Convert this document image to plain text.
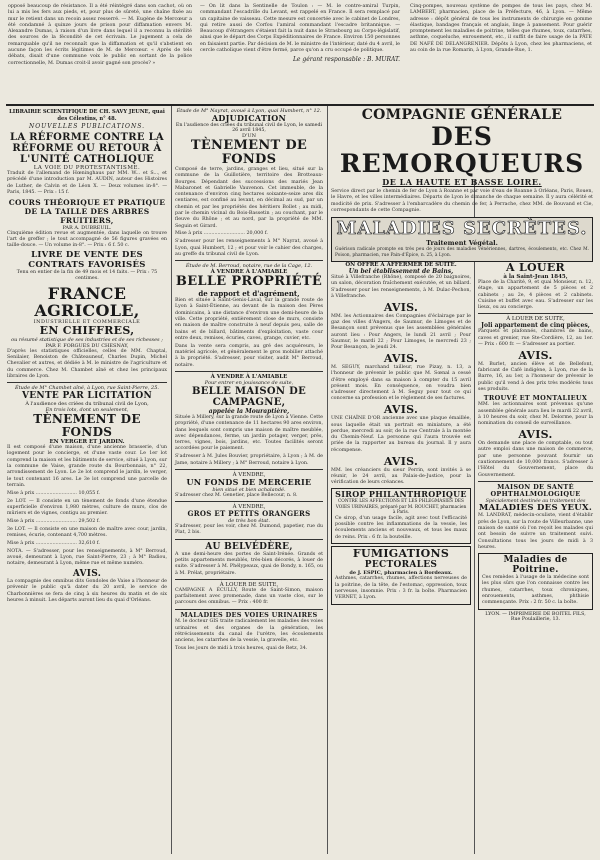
opposé beaucoup de résistance. Il a été réintégré dans son cachot, où on lui a mis les fers aux pieds, et, pour plus de sûreté, une chaîne fixée au mur le retient dans un recoin assez resserré. — M. Eugène de Mercœur a été condamné à quinze jours de prison pour diffamation envers M. Alexandre Dumas, à raison d'un livre dans lequel il a reconnu la stérilité des sources de la fécondité de cet écrivain. Le jugement a cela de remarquable qu'il ne reconnaît que la diffamation et qu'il s'abstient en aucune façon les écrits légitimes de M. de Mercœur. « Après de tels débats, disait d'une commune voix le public en sortant de la police correctionnelle, M. Dumas croit-il avoir gagné son procès? »

— On lit dans la Sentinelle de Toulon : — M. le contre-amiral Turpin, commandant l'escadrille du Levant, est rappelé en France. Il sera remplacé par un capitaine de vaisseau. Cette mesure est concertée avec le cabinet de Londres, qui retire aussi de Corfou l'amiral commandant l'escadre britannique. — Beaucoup d'étrangers s'étaient fait la nuit dans le Strasbourg au Corps-législatif, ainsi que le départ des Corps Expéditionnaires de France. Environ 150 personnes en faisaient partie. Par décision de M. le ministre de l'intérieur, daté du 4 avril, le cercle catholique vient d'être fermé, parce qu'on a cru occupé de politique.

Le gérant responsable : B. MURAT.

Cinq-pompes, nouveau système de pompes de tous les pays, chez M. LAMBERT, pharmacien, place de la Préfecture, 46, à Lyon. — Même adresse : dépôt général de tous les instruments de chirurgie en gomme élastique, bandages français et anglais, linge à pansement. Pour guérir promptement les maladies de poitrine, telles que rhumes, toux, catarrhes, asthme, coqueluche, enrouement, etc., il suffit de faire usage de la PÂTE DE NAFÉ DE DELANGRENIER. Dépôts à Lyon, chez les pharmaciens, et au coin de la rue Romarin, à Lyon, Grande-Rue, 1.

LIBRAIRIE SCIENTIFIQUE DE CH. SAVY JEUNE, quai des Célestins, n° 48.
NOUVELLES PUBLICATIONS.
LA RÉFORME CONTRE LA RÉFORME OU RETOUR À L'UNITÉ CATHOLIQUE
LA VOIE DU PROTESTANTISME.

Traduit de l'allemand de Hœninghaus par MM. W... et S..., et précédé d'une introduction par M. AUDIN, auteur des Histoires de Luther, de Calvin et de Léon X. — Deux volumes in-8°. — Paris, 1845. — Prix : 15 f.

COURS THÉORIQUE ET PRATIQUE DE LA TAILLE DES ARBRES FRUITIERS,
PAR A. DUBREUIL.

Cinquième édition revue et augmentée, dans laquelle on trouve l'art de greffer ; le tout accompagné de 56 figures gravées en taille-douce. — Un volume in-8°. — Prix : 6 f. 50 c.

LIVRE DE VENTE DES CONTRATS FAVORISÉS

Tenu en entier de la fin de 49 mois et 14 faits. — Prix : 75 centimes.

FRANCE AGRICOLE,
INDUSTRIELLE ET COMMERCIALE
EN CHIFFRES,
ou résumé statistique de ses industries et de ses richesses ;
PAR F. FORGUES DU CHESNAY,

D'après les statistiques officielles, celles de MM. Chaptal, Senilaier, Benoiston de Châteauneuf, Charles Dupin, Michel Chevalier et autres, et dédiée à M. le ministre de l'agriculture et du commerce. Chez M. Chambet aîné et chez les principaux libraires de Lyon.

Étude de M° Chambet aîné, à Lyon, rue Saint-Pierre, 25.
VENTE PAR LICITATION
À l'audience des criées du tribunal civil de Lyon,
En trois lots, dont un seulement,
TÈNEMENT DE FONDS
EN VERGER ET JARDIN.

Il est composé d'une maison, d'une ancienne brasserie, d'un logement pour le concierge, et d'une vaste cour. Le 1er lot comprend la maison et les bâtiments de service, situé à Lyon, sur la commune de Vaise, grande route du Bourbonnais, n° 22, arrondissement de Lyon. Le 2e lot comprend le jardin, le verger, le tout contenant 16 ares. Le 3e lot comprend une parcelle de terrain.

Mise à prix ........................... 10,055 f.

2e LOT. — Il consiste en un tènement de fonds d'une étendue superficielle d'environ 1,980 mètres, culture de murs, clos de mûriers et de vignes, contigu au premier.

Mise à prix ........................... 29,502 f.

3e LOT. — Il consiste en une maison de maître avec cour, jardin, remises, écurie, contenant 4,700 mètres.

Mise à prix ........................... 32,610 f.

NOTA. — S'adresser, pour les renseignements, à M° Berroud, avoué, demeurant à Lyon, rue Saint-Pierre, 23 ; à M° Badiou, notaire, demeurant à Lyon, même rue et même numéro.

AVIS.

La compagnie des omnibus dits Gondoles de Vaise a l'honneur de prévenir le public qu'à dater du 20 avril, le service de Charbonnières se fera de cinq à six heures du matin et de six heures à minuit. Les départs auront lieu du quai d'Orléans.

Étude de M° Nayrat, avoué à Lyon, quai Humbert, n° 12.
ADJUDICATION
En l'audience des criées du tribunal civil de Lyon, le samedi 26 avril 1845,
D'UN
TÈNEMENT DE FONDS

Composé de terre, jardins, granges et lieu, situé sur la commune de la Guillotière, territoire des Brotteaux-Bourges. Dépendant des successions des mariés Jean Mabaronet et Gabrielle Vauvenon. Cet immeuble, de la contenance d'environ cinq hectares soixante-seize ares dix centiares, est confiné au levant, en décimal au sud, par un chemin et par les propriétés des héritiers Bollet ; au midi, par le chemin vicinal du Bois-Bassetin ; au couchant, par le fleuve du Rhône ; et au nord, par la propriété de MM. Seguin et Girard.

Mise à prix ........................... 20,000 f.

S'adresser pour les renseignements à M° Nayrat, avoué à Lyon, quai Humbert, 12 ; et pour voir le cahier des charges, au greffe du tribunal civil de Lyon.

Étude de M. Berroud, notaire, rue de la Cage, 12.
À VENDRE À L'AMIABLE
BELLE PROPRIÉTÉ
de rapport et d'agrément,

Bien et située à Saint-Genis-Laval, sur la grande route de Lyon à Saint-Étienne, au devant de la maison des Pères dominicains, à une distance d'environ une demi-heure de la ville. Cette propriété, entièrement close de murs, consiste en maison de maître construite à neuf depuis peu, salle de bains et de billard, bâtiments d'exploitation, vaste cour entre deux, remises, écuries, caves, grange, cuvier, etc.

Dans la vente sera compris, au gré des acquéreurs, le matériel agricole, et généralement le gros mobilier attaché à la propriété. S'adresser, pour visiter, audit M° Berroud, notaire.

À VENDRE À L'AMIABLE
Pour entrer en jouissance de suite,
BELLE MAISON DE CAMPAGNE,
appelée la Mouraptière,

Située à Millery, sur la grande route de Lyon à Vienne. Cette propriété, d'une contenance de 11 hectares 90 ares environ, dans lesquels sont compris une maison de maître meublée, avec dépendances, ferme, un jardin potager, verger, prés, terres, vignes, bois, jardins, etc. Toutes facilités seront accordées pour le paiement.

S'adresser à M. Jules Bouvier, propriétaire, à Lyon ; à M. de Jame, notaire à Millery ; à M° Berroud, notaire à Lyon.

À VENDRE,
UN FONDS DE MERCERIE
bien situé et bien achalandé.

S'adresser chez M. Genetier, place Bellecour, n. 8.

À VENDRE,
GROS ET PETITS ORANGERS
de très bon état.

S'adresser, pour les voir, chez M. Dumond, papetier, rue du Plat, 2 bis.

AU BELVÉDÈRE,

A une demi-heure des portes de Saint-Irénée. Grands et petits appartements meublés, très-bien décorés, à louer de suite. S'adresser à M. Phélypeaux, quai de Bondy, n. 165, ou à M. Prélat, propriétaire.

À LOUER DE SUITE,

CAMPAGNE A ÉCULLY, Route de Saint-Simon, maison parfaitement avec promenade, dans un vaste clos, sur le parcours des omnibus. — Prix : 400 fr.

MALADIES DES VOIES URINAIRES

M. le docteur GIS traite radicalement les maladies des voies urinaires et des organes de la génération, les rétrécissements du canal de l'urètre, les écoulements anciens, les catarrhes de la vessie, la gravelle, etc.

Tous les jours de midi à trois heures, quai de Retz, 34.

COMPAGNIE GÉNÉRALE
DES REMORQUEURS
DE LA HAUTE ET BASSE LOIRE.

Service direct par le chemin de fer de Lyon à Roanne et par voie d'eau de Roanne à Orléans, Paris, Rouen, le Havre, et les villes intermédiaires. Départs de Lyon le dimanche de chaque semaine. Il y aura célérité et modicité de prix. S'adresser à l'embarcadère du chemin de fer, à Perrache, chez MM. de Bouvand et Cie, correspondants de cette Compagnie.

MALADIES SECRÈTES.
Traitement Végétal.

Guérison radicale prompte en très peu de jours des maladies vénériennes, dartres, écoulements, etc. Chez M. Poison, pharmacien, rue Pain-d'Épice, n. 25, à Lyon.

ON OFFRE A AFFERMER DE SUITE.
Un bel établissement de Bains,

Situé à Villefranche (Rhône), composé de 20 baignoires, un salon, décoration fraîchement exécutée, et un billard. S'adresser pour les renseignements, à M. Dulac-Pechon, à Villefranche.

AVIS.

MM. les Actionnaires des Compagnies d'éclairage par le gaz des villes d'Angers, de Saumur, de Limoges et de Besançon sont prévenus que les assemblées générales auront lieu : Pour Angers, le lundi 21 avril ; Pour Saumur, le mardi 22 ; Pour Limoges, le mercredi 23 ; Pour Besançon, le jeudi 24.

AVIS.

M. SEGUY, marchand tailleur, rue Pizay, n. 13, a l'honneur de prévenir le public que M. Sœnal a cessé d'être employé dans sa maison à compter du 15 avril présent mois. En conséquence, on voudra bien s'adresser directement à M. Seguy pour tout ce qui concerne sa profession et le règlement de ses factures.

AVIS.

UNE CHAÎNE D'OR ancienne avec une plaque émaillée, sous laquelle était un portrait en miniature, a été perdue, mercredi au soir, de la rue Centrale à la montée du Chemin-Neuf. La personne qui l'aura trouvée est priée de la rapporter au bureau du journal. Il y aura récompense.

AVIS.

MM. les créanciers du sieur Perrin, sont invités à se réunir, le 24 avril, au Palais-de-Justice, pour la vérification de leurs créances.

SIROP PHILANTHROPIQUE
CONTRE LES AFFECTIONS ET LES PHLEGMASIES DES VOIES URINAIRES, préparé par M. ROUCHET, pharmacien à Paris.

Ce sirop, d'un usage facile, agit avec tout l'efficacité possible contre les inflammations de la vessie, les écoulements anciens et nouveaux, et tous les maux de reins. Prix : 6 fr. la bouteille.

FUMIGATIONS
PECTORALES
de J. ESPIC, pharmacien à Bordeaux.

Asthmes, catarrhes, rhumes, affections nerveuses de la poitrine, de la tête, de l'estomac, oppression, toux nerveuse, insomnie. Prix : 3 fr. la boîte. Pharmacien VERNET, à Lyon.

A LOUER
à la Saint-Jean 1845,

Place de la Charité, 9, et quai Monsieur, n. 12, étage, un appartement de 5 pièces et 2 cabinets ; au 2e, 4 pièces et 2 cabinets. Cuisine et buffet avec eau. S'adresser sur les lieux, ou au concierge.

À LOUER DE SUITE,
Joli appartement de cinq pièces,

Parquets et plafonnés, chambres de bains, caves et grenier, rue Ste-Cordière, 12, au 1er. — Prix : 600 fr. — S'adresser au portier.

AVIS.

M. Burlet, ancien élève et de Bellefont, fabricant de Café indigène, à Lyon, rue de la Barre, 16, au 1er, a l'honneur de prévenir le public qu'il vend à des prix très modérés tous ses produits.

TROUVÉ ET MONTALIEUX

MM. les actionnaires sont prévenus qu'une assemblée générale aura lieu le mardi 22 avril, à 10 heures du soir, chez M. Delorme, pour la nomination du conseil de surveillance.

AVIS.

On demande une place de comptable, ou tout autre emploi dans une maison de commerce, par une personne pouvant fournir un cautionnement de 10,000 francs. S'adresser à l'Hôtel du Gouvernement, place du Gouvernement.

MAISON DE SANTÉ OPHTHALMOLOGIQUE
Spécialement destinée au traitement des
MALADIES DES YEUX.

M. LANDRAT, médecin-oculiste, vient d'établir près de Lyon, sur la route de Villeurbanne, une maison de santé où l'on reçoit les malades qui ont besoin de suivre un traitement suivi. Consultations tous les jours de midi à 3 heures.

Maladies de Poitrine.

Ces remèdes à l'usage de la médecine sont les plus sûrs que l'on connaisse contre les rhumes, catarrhes, toux chroniques, enrouements, asthmes, phthisie commençante. Prix : 2 fr. 50 c. la boîte.

LYON. — IMPRIMERIE DE BOITEL FILS,
Rue Poulaillerie, 13.
